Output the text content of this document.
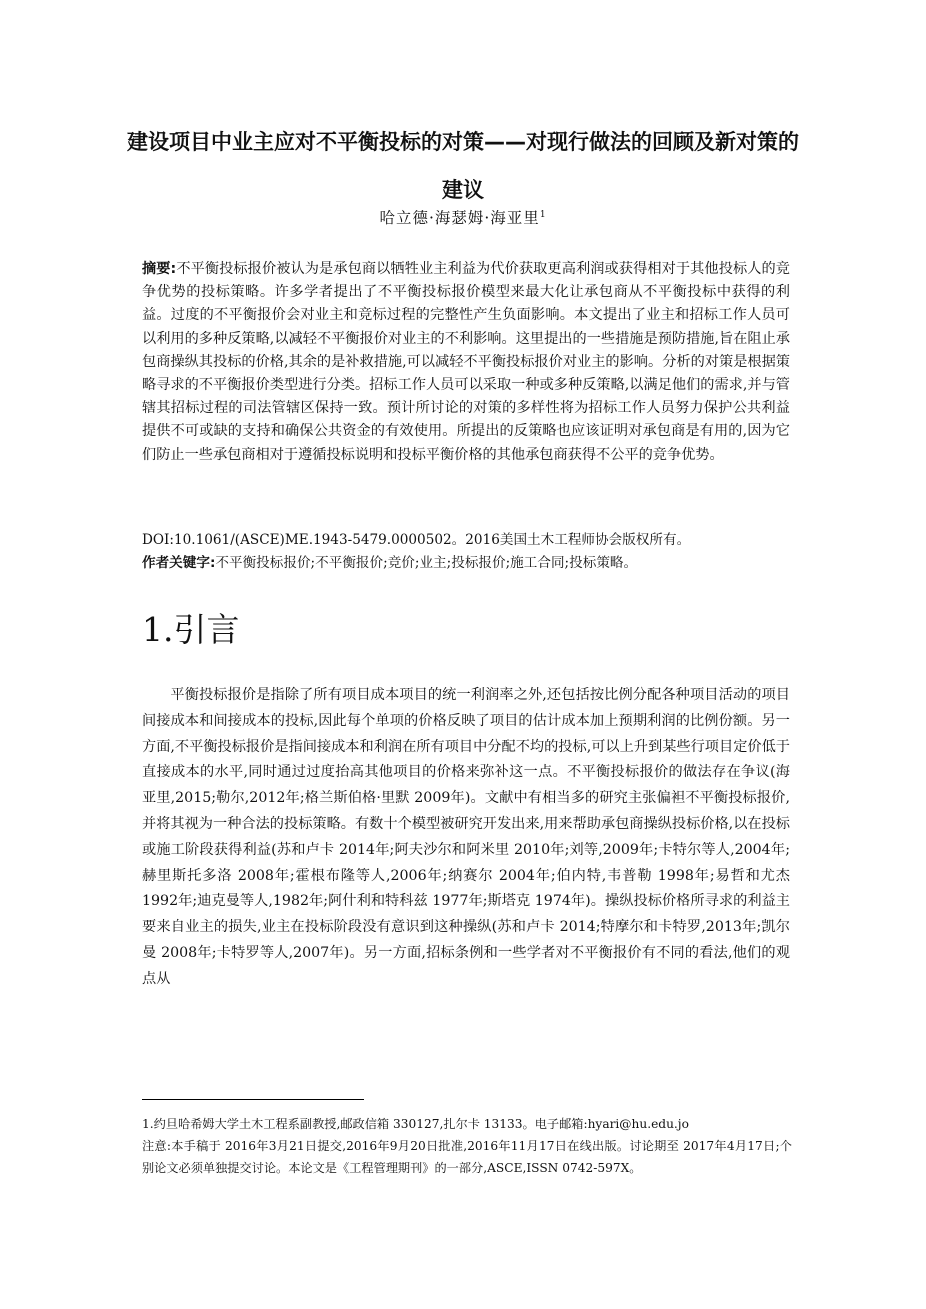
建设项目中业主应对不平衡投标的对策——对现行做法的回顾及新对策的建议

哈立德·海瑟姆·海亚里$^1$

摘要:不平衡投标报价被认为是承包商以牺牲业主利益为代价获取更高利润或获得相对于其他投标人的竞争优势的投标策略。许多学者提出了不平衡投标报价模型来最大化让承包商从不平衡投标中获得的利益。过度的不平衡报价会对业主和竞标过程的完整性产生负面影响。本文提出了业主和招标工作人员可以利用的多种反策略,以减轻不平衡报价对业主的不利影响。这里提出的一些措施是预防措施,旨在阻止承包商操纵其投标的价格,其余的是补救措施,可以减轻不平衡投标报价对业主的影响。分析的对策是根据策略寻求的不平衡报价类型进行分类。招标工作人员可以采取一种或多种反策略,以满足他们的需求,并与管辖其招标过程的司法管辖区保持一致。预计所讨论的对策的多样性将为招标工作人员努力保护公共利益提供不可或缺的支持和确保公共资金的有效使用。所提出的反策略也应该证明对承包商是有用的,因为它们防止一些承包商相对于遵循投标说明和投标平衡价格的其他承包商获得不公平的竞争优势。

DOI:10.1061/(ASCE)ME.1943-5479.0000502。2016美国土木工程师协会版权所有。

作者关键字:不平衡投标报价;不平衡报价;竞价;业主;投标报价;施工合同;投标策略。

1.引言

平衡投标报价是指除了所有项目成本项目的统一利润率之外,还包括按比例分配各种项目活动的项目间接成本和间接成本的投标,因此每个单项的价格反映了项目的估计成本加上预期利润的比例份额。另一方面,不平衡投标报价是指间接成本和利润在所有项目中分配不均的投标,可以上升到某些行项目定价低于直接成本的水平,同时通过过度抬高其他项目的价格来弥补这一点。不平衡投标报价的做法存在争议(海亚里,2015;勒尔,2012年;格兰斯伯格·里默 2009年)。文献中有相当多的研究主张偏袒不平衡投标报价,并将其视为一种合法的投标策略。有数十个模型被研究开发出来,用来帮助承包商操纵投标价格,以在投标或施工阶段获得利益(苏和卢卡 2014年;阿夫沙尔和阿米里 2010年;刘等,2009年;卡特尔等人,2004年;赫里斯托多洛 2008年;霍根布隆等人,2006年;纳赛尔 2004年;伯内特,韦普勒 1998年;易哲和尤杰 1992年;迪克曼等人,1982年;阿什利和特科兹 1977年;斯塔克 1974年)。操纵投标价格所寻求的利益主要来自业主的损失,业主在投标阶段没有意识到这种操纵(苏和卢卡 2014;特摩尔和卡特罗,2013年;凯尔曼 2008年;卡特罗等人,2007年)。另一方面,招标条例和一些学者对不平衡报价有不同的看法,他们的观点从

1.约旦哈希姆大学土木工程系副教授,邮政信箱 330127,扎尔卡 13133。电子邮箱:hyari@hu.edu.jo

注意:本手稿于 2016年3月21日提交,2016年9月20日批准,2016年11月17日在线出版。讨论期至 2017年4月17日;个别论文必须单独提交讨论。本论文是《工程管理期刊》的一部分,ASCE,ISSN 0742-597X。
